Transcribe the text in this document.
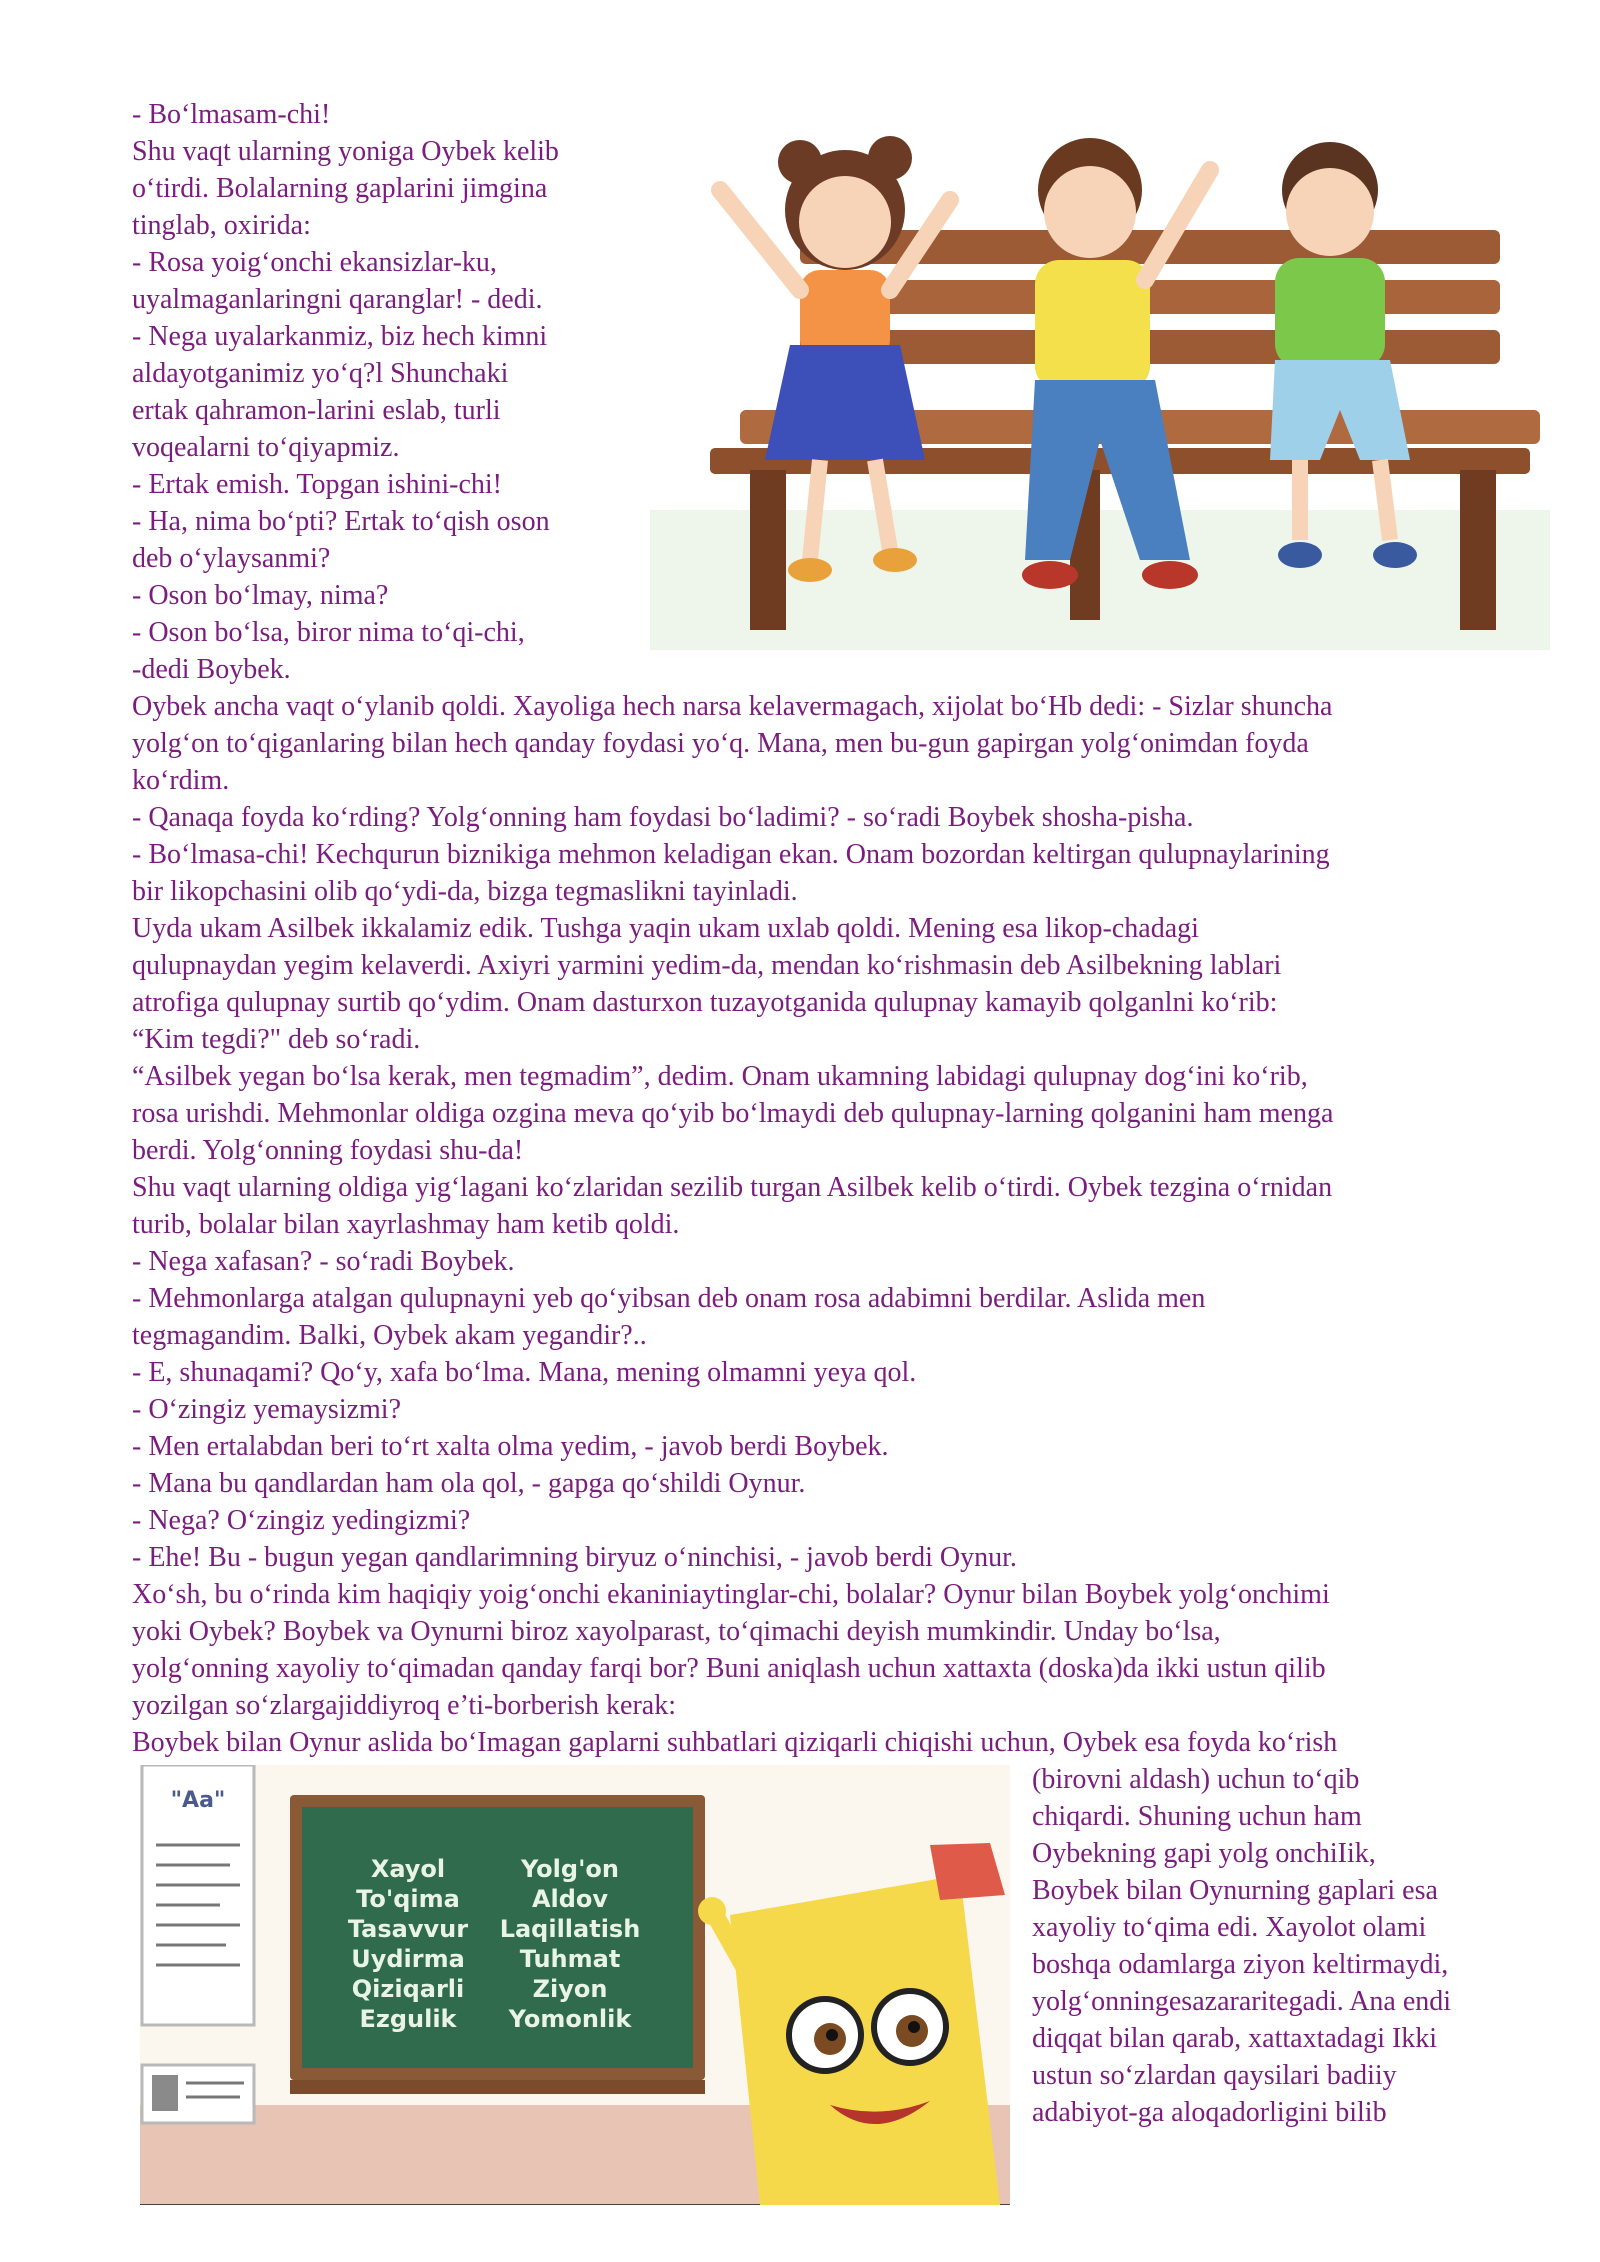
- Bo‘lmasam-chi!
Shu vaqt ularning yoniga Oybek kelib
o‘tirdi. Bolalarning gaplarini jimgina
tinglab, oxirida:
- Rosa yoig‘onchi ekansizlar-ku,
uyalmaganlaringni qaranglar! - dedi.
- Nega uyalarkanmiz, biz hech kimni
aldayotganimiz yo‘q?l Shunchaki
ertak qahramon-larini eslab, turli
voqealarni to‘qiyapmiz.
- Ertak emish. Topgan ishini-chi!
- Ha, nima bo‘pti? Ertak to‘qish oson
deb o‘ylaysanmi?
- Oson bo‘lmay, nima?
- Oson bo‘lsa, biror nima to‘qi-chi,
-dedi Boybek.
Oybek ancha vaqt o‘ylanib qoldi. Xayoliga hech narsa kelavermagach, xijolat bo‘Hb dedi: - Sizlar shuncha
yolg‘on to‘qiganlaring bilan hech qanday foydasi yo‘q. Mana, men bu-gun gapirgan yolg‘onimdan foyda
ko‘rdim.
- Qanaqa foyda ko‘rding? Yolg‘onning ham foydasi bo‘ladimi? - so‘radi Boybek shosha-pisha.
- Bo‘lmasa-chi! Kechqurun biznikiga mehmon keladigan ekan. Onam bozordan keltirgan qulupnaylarining
bir likopchasini olib qo‘ydi-da, bizga tegmaslikni tayinladi.
Uyda ukam Asilbek ikkalamiz edik. Tushga yaqin ukam uxlab qoldi. Mening esa likop-chadagi
qulupnaydan yegim kelaverdi. Axiyri yarmini yedim-da, mendan ko‘rishmasin deb Asilbekning lablari
atrofiga qulupnay surtib qo‘ydim. Onam dasturxon tuzayotganida qulupnay kamayib qolganlni ko‘rib:
“Kim tegdi?" deb so‘radi.
“Asilbek yegan bo‘lsa kerak, men tegmadim”, dedim. Onam ukamning labidagi qulupnay dog‘ini ko‘rib,
rosa urishdi. Mehmonlar oldiga ozgina meva qo‘yib bo‘lmaydi deb qulupnay-larning qolganini ham menga
berdi. Yolg‘onning foydasi shu-da!
Shu vaqt ularning oldiga yig‘lagani ko‘zlaridan sezilib turgan Asilbek kelib o‘tirdi. Oybek tezgina o‘rnidan
turib, bolalar bilan xayrlashmay ham ketib qoldi.
- Nega xafasan? - so‘radi Boybek.
- Mehmonlarga atalgan qulupnayni yeb qo‘yibsan deb onam rosa adabimni berdilar. Aslida men
tegmagandim. Balki, Oybek akam yegandir?..
- E, shunaqami? Qo‘y, xafa bo‘lma. Mana, mening olmamni yeya qol.
- O‘zingiz yemaysizmi?
- Men ertalabdan beri to‘rt xalta olma yedim, - javob berdi Boybek.
- Mana bu qandlardan ham ola qol, - gapga qo‘shildi Oynur.
- Nega? O‘zingiz yedingizmi?
- Ehe! Bu - bugun yegan qandlarimning biryuz o‘ninchisi, - javob berdi Oynur.
Xo‘sh, bu o‘rinda kim haqiqiy yoig‘onchi ekaniniaytinglar-chi, bolalar? Oynur bilan Boybek yolg‘onchimi
yoki Oybek? Boybek va Oynurni biroz xayolparast, to‘qimachi deyish mumkindir. Unday bo‘lsa,
yolg‘onning xayoliy to‘qimadan qanday farqi bor? Buni aniqlash uchun xattaxta (doska)da ikki ustun qilib
yozilgan so‘zlargajiddiyroq e’ti-borberish kerak:
Boybek bilan Oynur aslida bo‘Imagan gaplarni suhbatlari qiziqarli chiqishi uchun, Oybek esa foyda ko‘rish
(birovni aldash) uchun to‘qib
chiqardi. Shuning uchun ham
Oybekning gapi yolg onchiIik,
Boybek bilan Oynurning gaplari esa
xayoliy to‘qima edi. Xayolot olami
boshqa odamlarga ziyon keltirmaydi,
yolg‘onningesazararitegadi. Ana endi
diqqat bilan qarab, xattaxtadagi Ikki
ustun so‘zlardan qaysilari badiiy
adabiyot-ga aloqadorligini bilib
"Aa"
Xayol
To'qima
Tasavvur
Uydirma
Qiziqarli
Ezgulik
Yolg'on
Aldov
Laqillatish
Tuhmat
Ziyon
Yomonlik
